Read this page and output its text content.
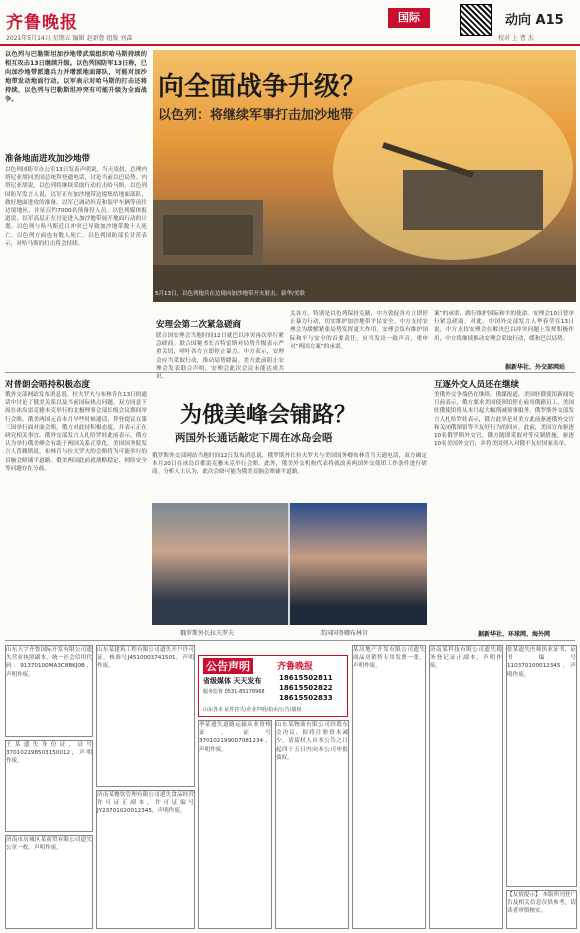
齐鲁晚报
2021年5月14日 星期五 编辑 赵新鲁 组版 刘森
国际	动向 A15
校对 上 曹 杰
以色列与巴勒斯坦加沙地带武装组织哈马斯持续的相互攻击13日继续升级。以色列国防军13日称，已向加沙地带派遣兵力并增派地面部队，可能对加沙地带发动地面行动。以军表示对哈马斯的打击还将持续，以色列与巴勒斯坦冲突有可能升级为全面战争。	向全面战争升级？
以色列：将继续军事打击加沙地带
5月13日，以色列炮兵在边境向加沙地带开火射击。新华/美联
准备地面进攻加沙地带
以色列国防军办公室13日发表声明说，当天凌晨，总理内塔尼亚胡同美国总统拜登通电话，讨论当前以巴局势。内塔尼亚胡说，以色列将继续采取行动打击哈马斯。以色列国防军发言人说，以军正在加沙地带边境集结地面部队，做好地面进攻的准备。以军已调动坦克和装甲车辆等前往边境地区，并征召约7000名预备役人员。以色列媒体报道说，以军高层正在讨论进入加沙地带展开地面行动的计划。以色列与哈马斯近日冲突已导致加沙地带数十人死亡，以色列方面也有数人死亡。以色列国防部长甘茨表示，对哈马斯的打击将会持续。
安理会第二次紧急磋商
联合国安理会当地时间12日就巴以冲突再次举行紧急磋商。联合国秘书长古特雷斯对局势升级表示严重关切，呼吁各方立即停止暴力。中方表示，安理会应当采取行动，推动局势降温。美方此前阻止安理会发表联合声明。安理会此次会议未能达成共识。
关各方，特别是以色列保持克制，中方敦促各方立即停止暴力行动，切实维护加沙地带平民安全。中方支持安理会为缓解紧张局势发挥更大作用，安理会负有维护国际和平与安全的首要责任，应当发出一致声音，重申对“两国方案”的承诺。
案”的承诺，践行维护国际和平的使命。安理会10日曾举行紧急磋商。对此，中国外交部发言人华春莹在13日说，中方支持安理会在解决巴以冲突问题上发挥积极作用，中方将继续推动安理会采取行动，缓和巴以局势。
据新华社、外交部网站
对普朗会晤持积极态度
俄外交部网站发布消息说，拉夫罗夫与布林肯在13日的通话中讨论了俄美关系以及当前国际热点问题。双方同意下周在冰岛雷克雅未克举行的北极理事会部长级会议期间举行会晤。俄美两国元首本月早些时候通话，拜登提议在第三国举行面对面会晤，俄方对此持积极态度，并表示正在研究相关事宜。俄外交部发言人扎哈罗娃此前表示，俄方认为举行俄美峰会有助于两国关系正常化。美国国务院发言人普赖斯说，布林肯与拉夫罗夫的会晤将为可能举行的首脑会晤铺平道路。俄美两国此前就战略稳定、网络安全等问题存在分歧。
为俄美峰会铺路？
两国外长通话敲定下周在冰岛会晤
俄罗斯外交部网站当地时间12日发布消息说，俄罗斯外长拉夫罗夫与美国国务卿布林肯当天通电话，双方确定本月20日在冰岛首都雷克雅未克举行会晤。此外，俄美外交机构代表将就改善两国外交使团工作条件进行磋商。分析人士认为，此次会晤可能为俄美首脑会晤铺平道路。
俄罗斯外长拉夫罗夫	美国国务卿布林肯
互逐外交人员还在继续
美俄外交争端仍在继续。俄媒报道，美国驻俄使馆新闻处日前表示，俄方要求美国使领馆停止雇用俄籍员工，美国驻俄使馆将从本月起大幅削减领事服务。俄罗斯外交部发言人扎哈罗娃表示，俄方此举是对美方此前驱逐俄外交官和关闭俄领馆等不友好行为的回应。此前，美国宣布驱逐10名俄罗斯外交官，俄方随即采取对等反制措施，驱逐10名美国外交官，并将美国列入对俄不友好国家名单。
据新华社、环球网、海外网
公告声明	齐鲁晚报
省级媒体 天天发布
服务监督 0531-85178968
18615502811
18615502822
18615502833
山东各市 证件挂失/企业声明/拍卖/公告/债权
山东天宇齐鲁国际开发有限公司遗失营业执照副本，统一社会信用代码：91370100MA3C8BKJ0B，声明作废。
王某遗失身份证，证号370102198503150012，声明作废。
济南市历城区某商贸有限公司遗失公章一枚，声明作废。
山东某建筑工程有限公司遗失开户许可证，核准号J4510003741501，声明作废。
济南某餐饮管理有限公司遗失食品经营许可证正副本，许可证编号JY23701020012345，声明作废。
李某遗失道路运输从业资格证，证号370102199007081234，声明作废。
山东某物流有限公司经股东会决议，拟将注册资本减少，请债权人自本公告之日起四十五日内向本公司申报债权。
某房地产开发有限公司遗失商品房销售专用发票一张，声明作废。
济南某科技有限公司遗失税务登记证正副本，声明作废。
张某遗失医师执业证书，证书编号110370100012345，声明作废。
【友情提示】 本版所刊登广告及相关信息仅供参考，请读者审慎核实。
